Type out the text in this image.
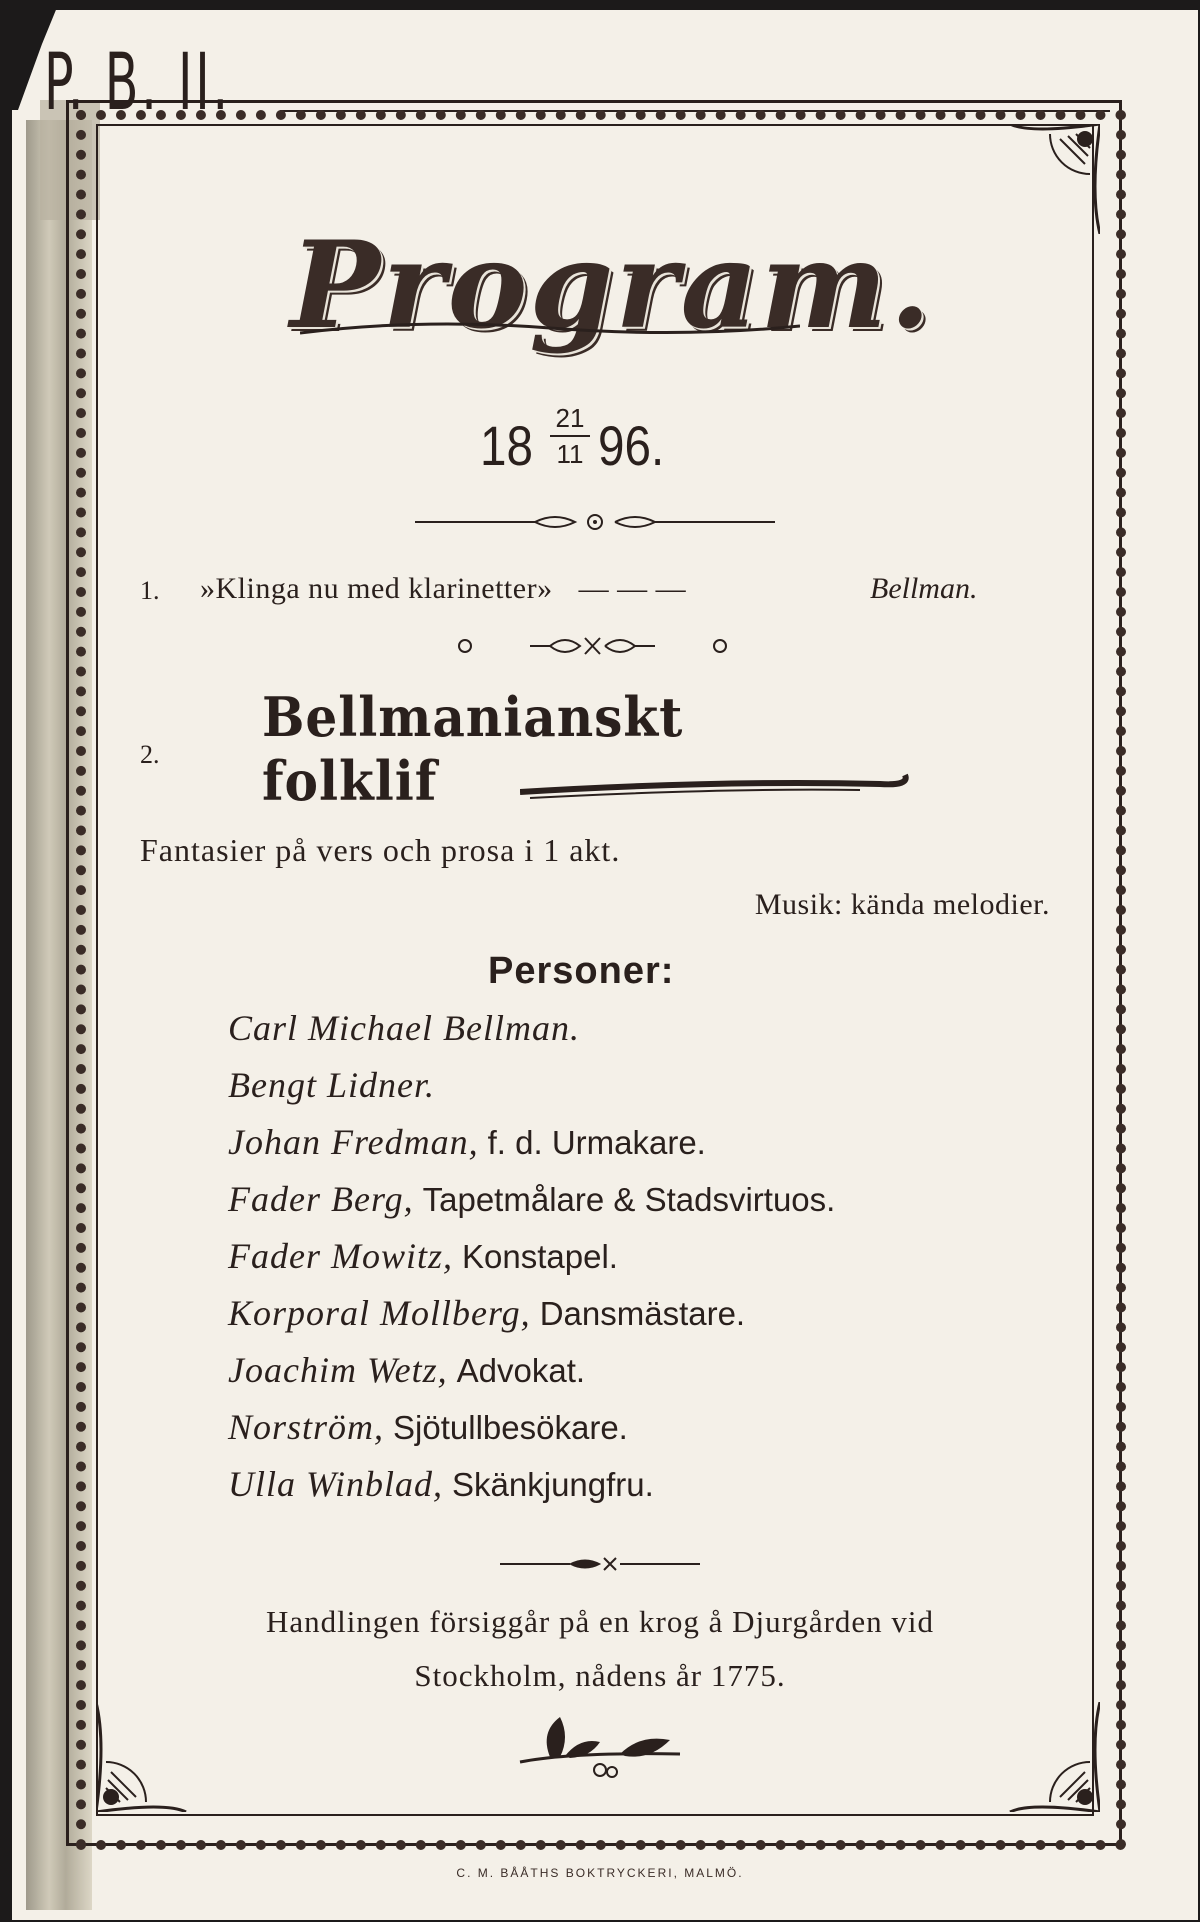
P. B. II.
Program.
18 21
11 96.
1. »Klinga nu med klarinetter» — — —	Bellman.
2.
Bellmanianskt folklif
Fantasier på vers och prosa i 1 akt.
Musik: kända melodier.
Personer:
Carl Michael Bellman.
Bengt Lidner.
Johan Fredman, f. d. Urmakare.
Fader Berg, Tapetmålare & Stadsvirtuos.
Fader Mowitz, Konstapel.
Korporal Mollberg, Dansmästare.
Joachim Wetz, Advokat.
Norström, Sjötullbesökare.
Ulla Winblad, Skänkjungfru.
Handlingen försiggår på en krog å Djurgården vid
Stockholm, nådens år 1775.
C. M. BÅÅTHS BOKTRYCKERI, MALMÖ.
